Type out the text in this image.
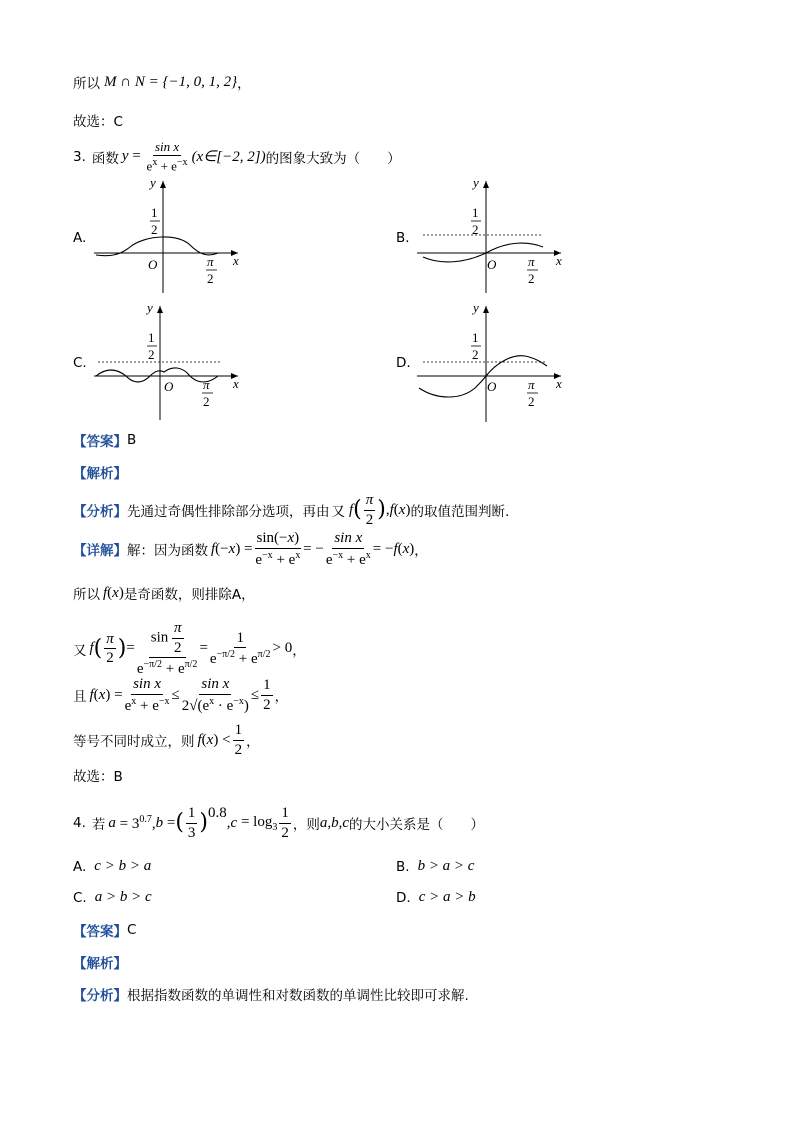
所以 M ∩ N = {−1, 0, 1, 2} ，
故选：C
3. 函数 $y = \frac{\text{sin x}}{e^x + e^{-x}}$ (x∈[−2, 2]) 的图象大致为（　　）
A.
y
x
O
1
2
π
2
B.
y
x
O
1
2
π
2
C.
y
x
O
1
2
π
2
D.
y
x
O
1
2
π
2
【答案】 B
【解析】
【分析】 先通过奇偶性排除部分选项，再由 又 f ( $\frac{\pi}{2}$ ) , f ( x ) 的取值范围判断.
【详解】 解：因为函数 f (− x ) = $\frac{\sin(-x)}{e^{-x} + e^x}$ = − $\frac{\text{sin x}}{e^{-x} + e^x}$ = − f ( x ) ，
所以 f ( x ) 是奇函数，则排除A，
又 f ( $\frac{\pi}{2}$ ) = $\frac{\sin \frac{\pi}{2}}{e^{-\pi/2} + e^{\pi/2}} = \frac{1}{e^{-\pi/2} + e^{\pi/2}} > 0$ ，
且 f ( x ) = $\frac{\text{sin x}}{e^x + e^{-x}} \le \frac{\text{sin x}}{2√(e^x \cdot e^{-x})} \le \frac{1}{2}$ ，
等号不同时成立，则 f ( x ) < $\frac{1}{2}$ ，
故选：B
4. 若 $a = 3^{0.7}$, b = ( $\frac{1}{3}$ ) 0.8
, $c = \log_3 \frac{1}{2}$ ，则 a , b , c 的大小关系是（　　）
A. c > b > a	B. b > a > c
C. a > b > c	D. c > a > b
【答案】 C
【解析】
【分析】 根据指数函数的单调性和对数函数的单调性比较即可求解.
